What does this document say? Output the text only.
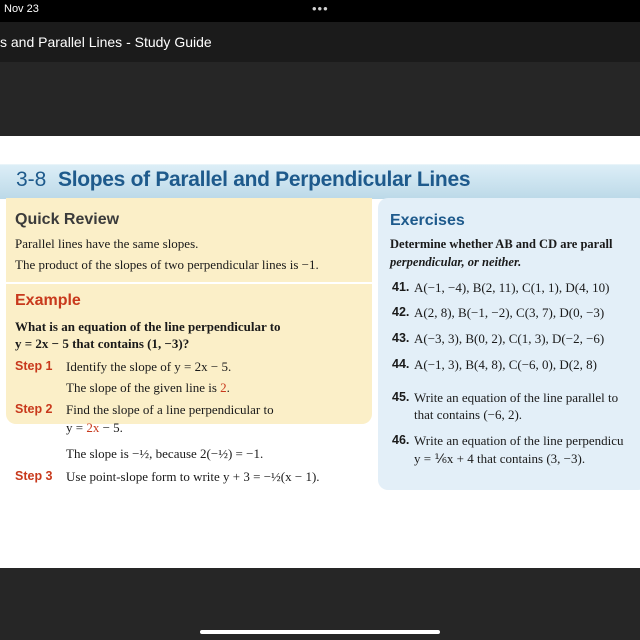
Nov 23	•••
s and Parallel Lines - Study Guide
3-8 Slopes of Parallel and Perpendicular Lines
Quick Review
Parallel lines have the same slopes.
The product of the slopes of two perpendicular lines is −1.
Example
What is an equation of the line perpendicular to
y = 2x − 5 that contains (1, −3)?
Step 1 Identify the slope of y = 2x − 5.
The slope of the given line is 2.
Step 2 Find the slope of a line perpendicular to
y = 2x − 5.
The slope is −½, because 2(−½) = −1.
Step 3 Use point-slope form to write y + 3 = −½(x − 1).
Exercises
Determine whether AB and CD are parall
perpendicular, or neither.
41. A(−1, −4), B(2, 11), C(1, 1), D(4, 10)
42. A(2, 8), B(−1, −2), C(3, 7), D(0, −3)
43. A(−3, 3), B(0, 2), C(1, 3), D(−2, −6)
44. A(−1, 3), B(4, 8), C(−6, 0), D(2, 8)
45. Write an equation of the line parallel to
that contains (−6, 2).
46. Write an equation of the line perpendicu
y = ⅙x + 4 that contains (3, −3).
